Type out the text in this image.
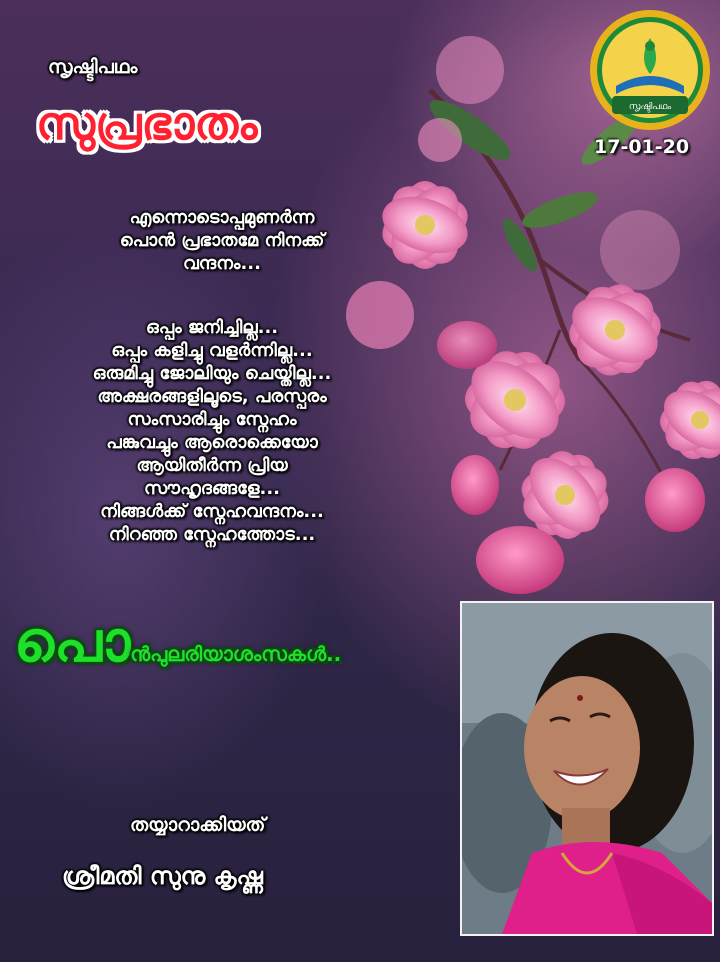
സൃഷ്ടിപഥം
സൃഷ്ടിപഥം
സുപ്രഭാതം	17-01-20
എന്നൊടൊപ്പമുണർന്ന
പൊൻ പ്രഭാതമേ നിനക്ക്
വന്ദനം...
ഒപ്പം ജനിച്ചില്ല...
ഒപ്പം കളിച്ചു വളർന്നില്ല...
ഒരുമിച്ചു ജോലിയും ചെയ്തില്ല...
അക്ഷരങ്ങളിലൂടെ, പരസ്പരം
സംസാരിച്ചും സ്നേഹം
പങ്കുവച്ചും ആരൊക്കെയോ
ആയിതീർന്ന പ്രിയ
സൗഹൃദങ്ങളേ...
നിങ്ങൾക്ക് സ്നേഹവന്ദനം...
നിറഞ്ഞ സ്നേഹത്തോട...
പൊൻപുലരിയാശംസകൾ..
തയ്യാറാക്കിയത്
ശ്രീമതി സുനു കൃഷ്ണ
